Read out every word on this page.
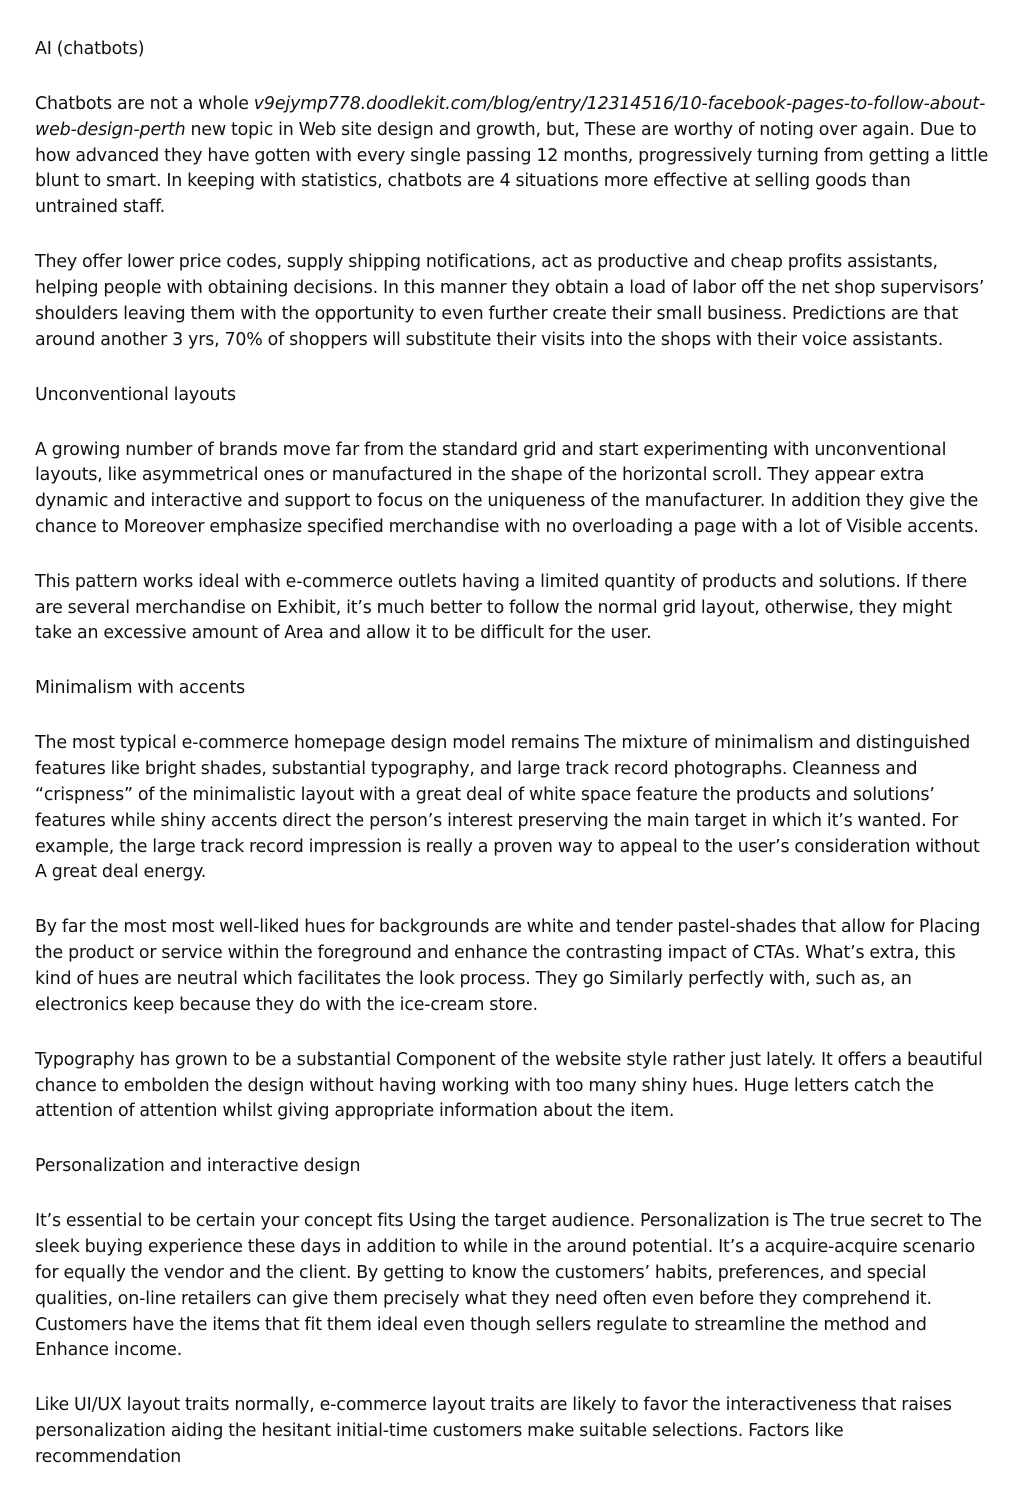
AI (chatbots)
Chatbots are not a whole v9ejymp778.doodlekit.com/blog/entry/12314516/10-facebook-pages-to-follow-about-web-design-perth new topic in Web site design and growth, but, These are worthy of noting over again. Due to how advanced they have gotten with every single passing 12 months, progressively turning from getting a little blunt to smart. In keeping with statistics, chatbots are 4 situations more effective at selling goods than untrained staff.
They offer lower price codes, supply shipping notifications, act as productive and cheap profits assistants, helping people with obtaining decisions. In this manner they obtain a load of labor off the net shop supervisors’ shoulders leaving them with the opportunity to even further create their small business. Predictions are that around another 3 yrs, 70% of shoppers will substitute their visits into the shops with their voice assistants.
Unconventional layouts
A growing number of brands move far from the standard grid and start experimenting with unconventional layouts, like asymmetrical ones or manufactured in the shape of the horizontal scroll. They appear extra dynamic and interactive and support to focus on the uniqueness of the manufacturer. In addition they give the chance to Moreover emphasize specified merchandise with no overloading a page with a lot of Visible accents.
This pattern works ideal with e-commerce outlets having a limited quantity of products and solutions. If there are several merchandise on Exhibit, it’s much better to follow the normal grid layout, otherwise, they might take an excessive amount of Area and allow it to be difficult for the user.
Minimalism with accents
The most typical e-commerce homepage design model remains The mixture of minimalism and distinguished features like bright shades, substantial typography, and large track record photographs. Cleanness and “crispness” of the minimalistic layout with a great deal of white space feature the products and solutions’ features while shiny accents direct the person’s interest preserving the main target in which it’s wanted. For example, the large track record impression is really a proven way to appeal to the user’s consideration without A great deal energy.
By far the most most well-liked hues for backgrounds are white and tender pastel-shades that allow for Placing the product or service within the foreground and enhance the contrasting impact of CTAs. What’s extra, this kind of hues are neutral which facilitates the look process. They go Similarly perfectly with, such as, an electronics keep because they do with the ice-cream store.
Typography has grown to be a substantial Component of the website style rather just lately. It offers a beautiful chance to embolden the design without having working with too many shiny hues. Huge letters catch the attention of attention whilst giving appropriate information about the item.
Personalization and interactive design
It’s essential to be certain your concept fits Using the target audience. Personalization is The true secret to The sleek buying experience these days in addition to while in the around potential. It’s a acquire-acquire scenario for equally the vendor and the client. By getting to know the customers’ habits, preferences, and special qualities, on-line retailers can give them precisely what they need often even before they comprehend it. Customers have the items that fit them ideal even though sellers regulate to streamline the method and Enhance income.
Like UI/UX layout traits normally, e-commerce layout traits are likely to favor the interactiveness that raises personalization aiding the hesitant initial-time customers make suitable selections. Factors like recommendation
